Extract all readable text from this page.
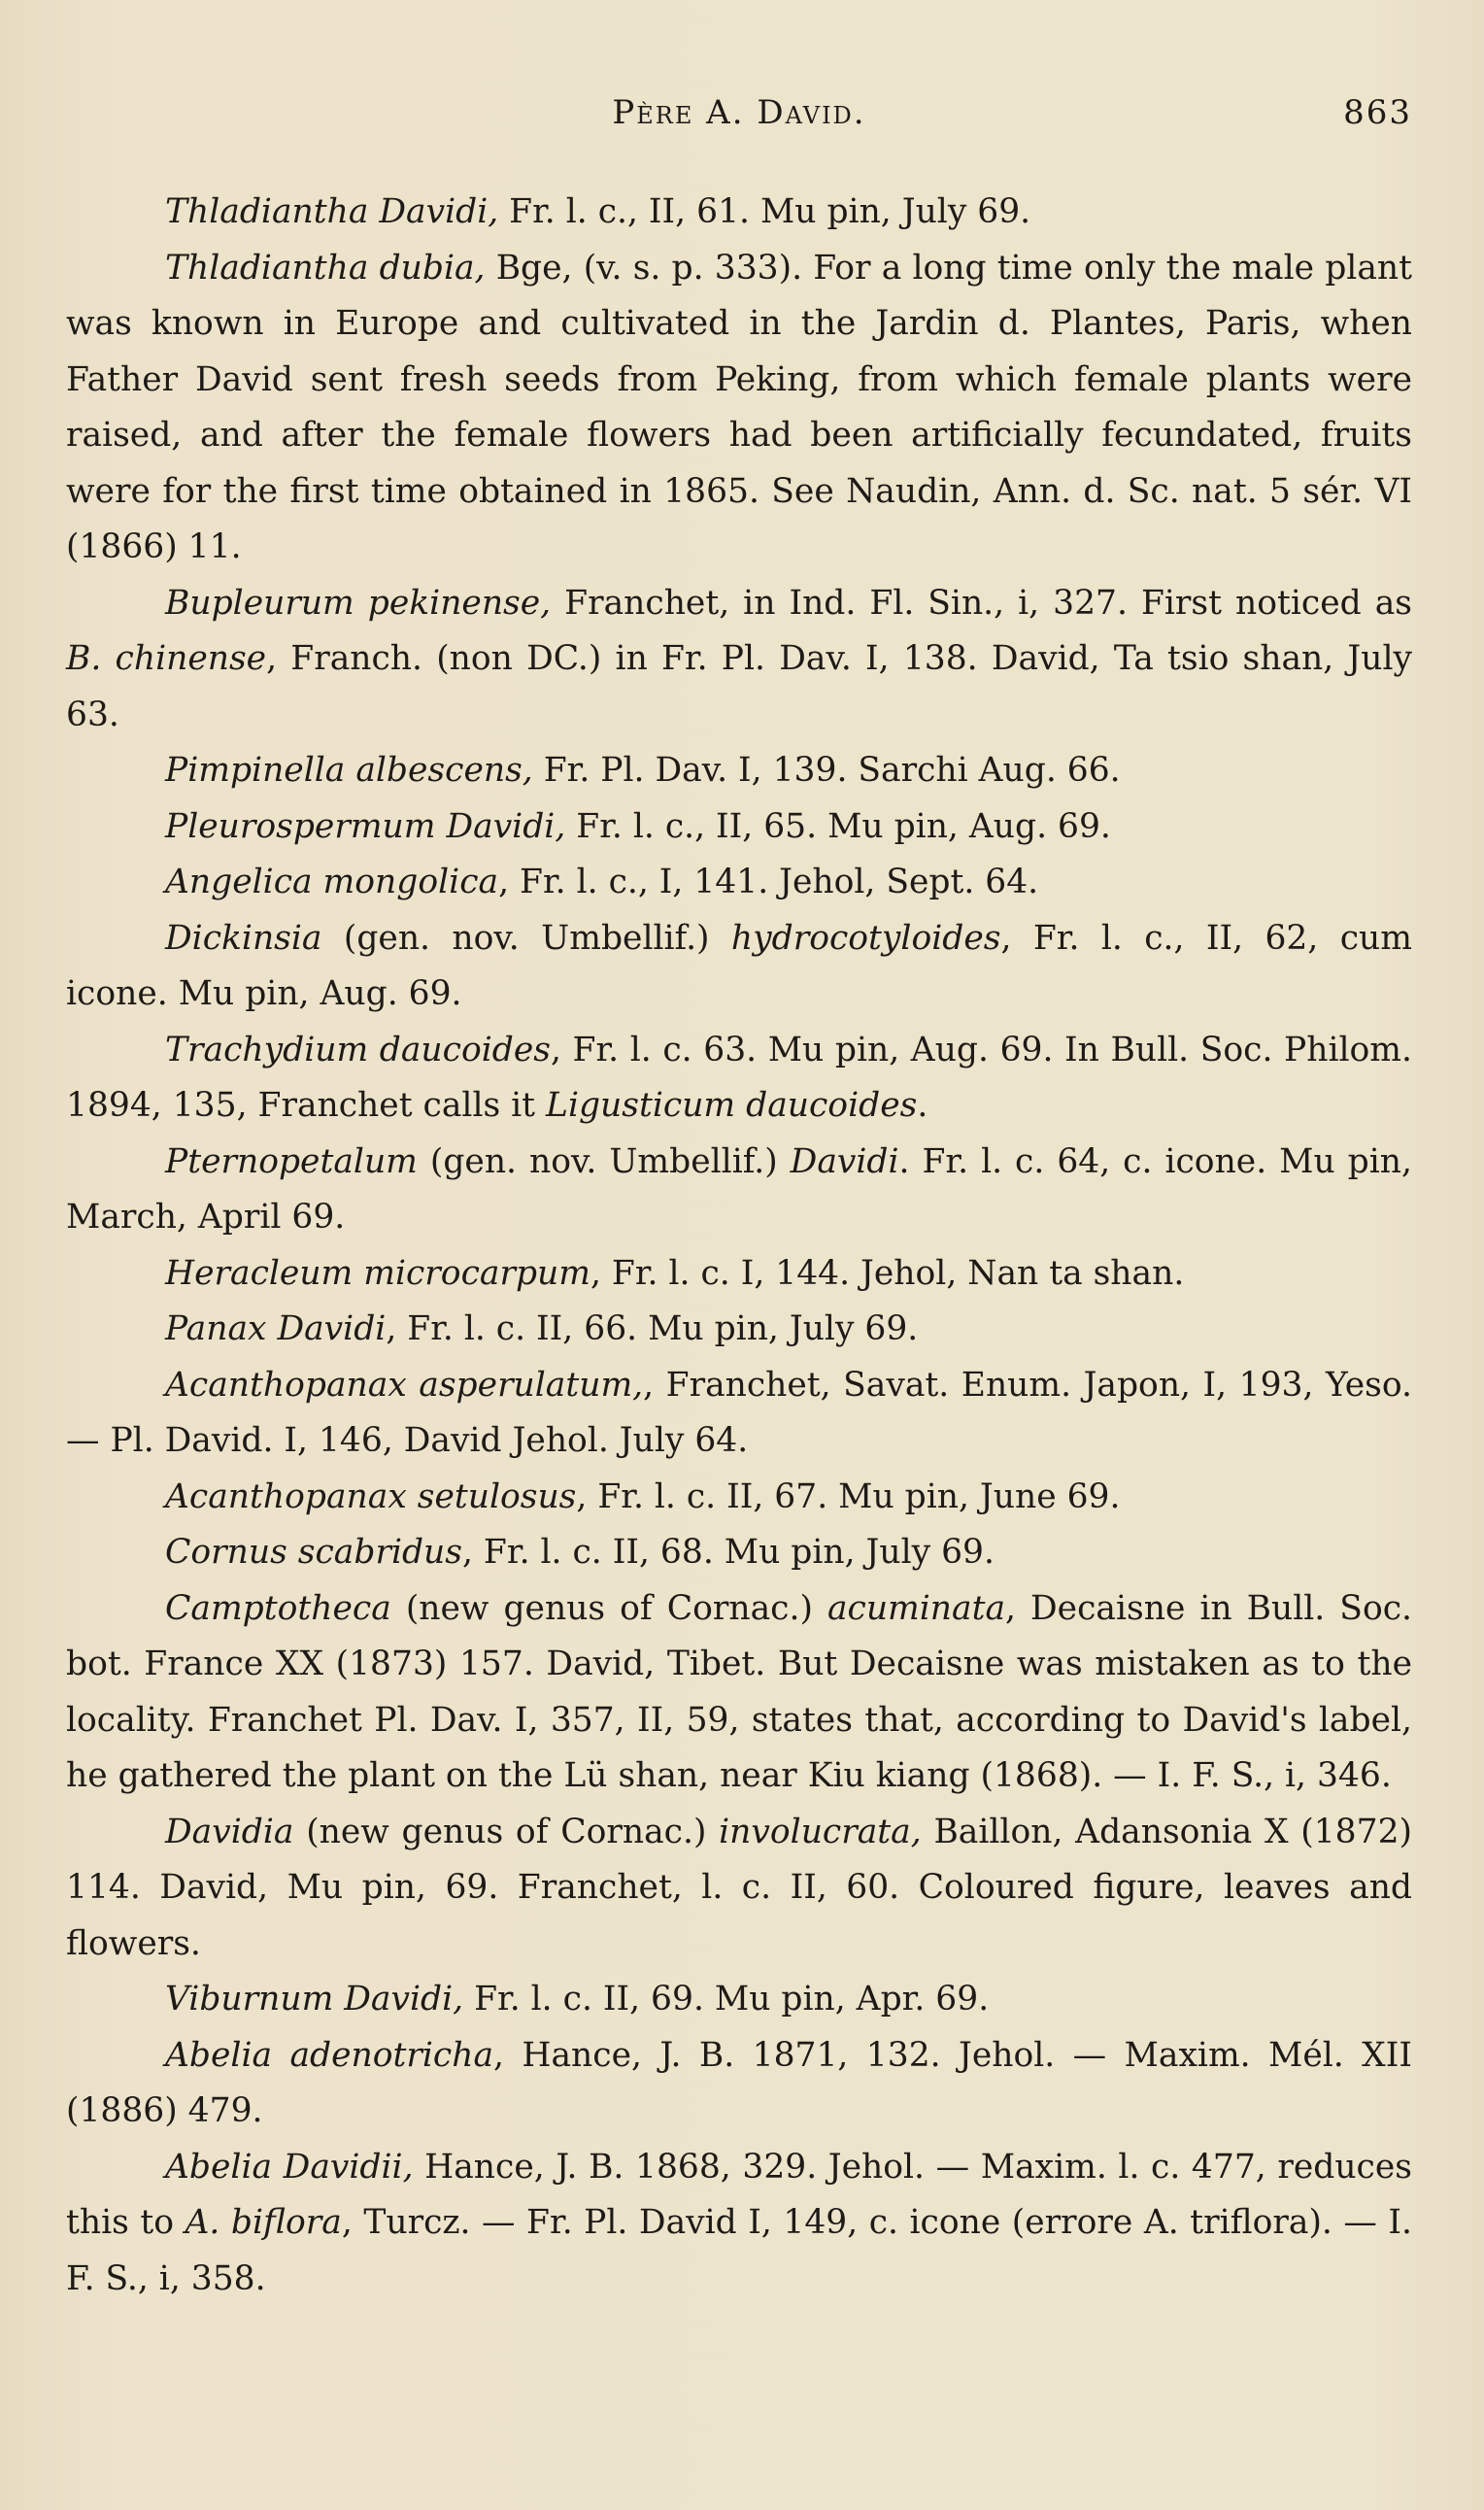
Père A. David.	863

Thladiantha Davidi, Fr. l. c., II, 61. Mu pin, July 69.

Thladiantha dubia, Bge, (v. s. p. 333). For a long time only the male plant was known in Europe and cultivated in the Jardin d. Plantes, Paris, when Father David sent fresh seeds from Peking, from which female plants were raised, and after the female flowers had been artificially fecundated, fruits were for the first time obtained in 1865. See Naudin, Ann. d. Sc. nat. 5 sér. VI (1866) 11.

Bupleurum pekinense, Franchet, in Ind. Fl. Sin., i, 327. First noticed as B. chinense, Franch. (non DC.) in Fr. Pl. Dav. I, 138. David, Ta tsio shan, July 63.

Pimpinella albescens, Fr. Pl. Dav. I, 139. Sarchi Aug. 66.

Pleurospermum Davidi, Fr. l. c., II, 65. Mu pin, Aug. 69.

Angelica mongolica, Fr. l. c., I, 141. Jehol, Sept. 64.

Dickinsia (gen. nov. Umbellif.) hydrocotyloides, Fr. l. c., II, 62, cum icone. Mu pin, Aug. 69.

Trachydium daucoides, Fr. l. c. 63. Mu pin, Aug. 69. In Bull. Soc. Philom. 1894, 135, Franchet calls it Ligusticum daucoides.

Pternopetalum (gen. nov. Umbellif.) Davidi. Fr. l. c. 64, c. icone. Mu pin, March, April 69.

Heracleum microcarpum, Fr. l. c. I, 144. Jehol, Nan ta shan.

Panax Davidi, Fr. l. c. II, 66. Mu pin, July 69.

Acanthopanax asperulatum,, Franchet, Savat. Enum. Japon, I, 193, Yeso. — Pl. David. I, 146, David Jehol. July 64.

Acanthopanax setulosus, Fr. l. c. II, 67. Mu pin, June 69.

Cornus scabridus, Fr. l. c. II, 68. Mu pin, July 69.

Camptotheca (new genus of Cornac.) acuminata, Decaisne in Bull. Soc. bot. France XX (1873) 157. David, Tibet. But Decaisne was mistaken as to the locality. Franchet Pl. Dav. I, 357, II, 59, states that, according to David's label, he gathered the plant on the Lü shan, near Kiu kiang (1868). — I. F. S., i, 346.

Davidia (new genus of Cornac.) involucrata, Baillon, Adansonia X (1872) 114. David, Mu pin, 69. Franchet, l. c. II, 60. Coloured figure, leaves and flowers.

Viburnum Davidi, Fr. l. c. II, 69. Mu pin, Apr. 69.

Abelia adenotricha, Hance, J. B. 1871, 132. Jehol. — Maxim. Mél. XII (1886) 479.

Abelia Davidii, Hance, J. B. 1868, 329. Jehol. — Maxim. l. c. 477, reduces this to A. biflora, Turcz. — Fr. Pl. David I, 149, c. icone (errore A. triflora). — I. F. S., i, 358.
